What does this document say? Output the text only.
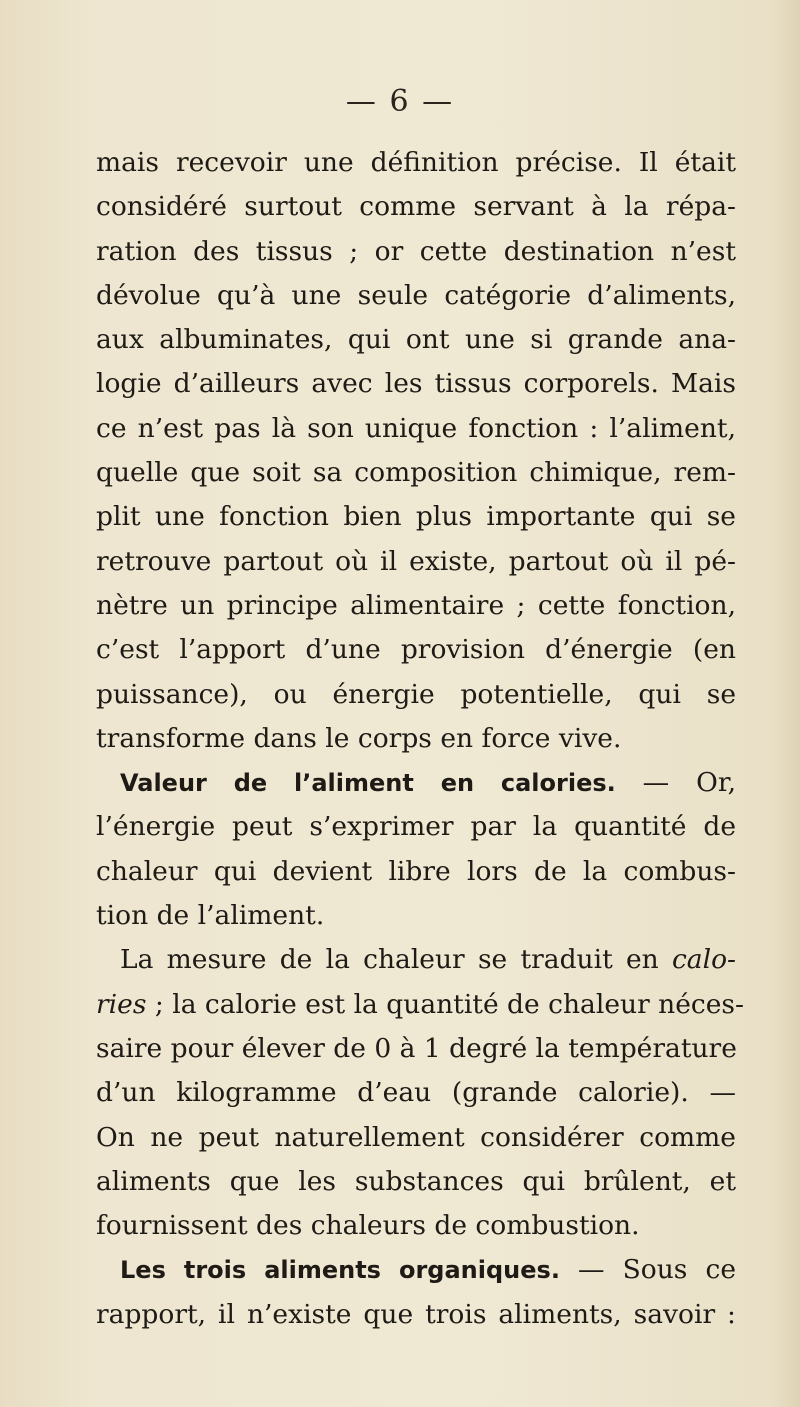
— 6 —
mais recevoir une définition précise. Il était
considéré surtout comme servant à la répa-
ration des tissus ; or cette destination n’est
dévolue qu’à une seule catégorie d’aliments,
aux albuminates, qui ont une si grande ana-
logie d’ailleurs avec les tissus corporels. Mais
ce n’est pas là son unique fonction : l’aliment,
quelle que soit sa composition chimique, rem-
plit une fonction bien plus importante qui se
retrouve partout où il existe, partout où il pé-
nètre un principe alimentaire ; cette fonction,
c’est l’apport d’une provision d’énergie (en
puissance), ou énergie potentielle, qui se
transforme dans le corps en force vive.
Valeur de l’aliment en calories. — Or,
l’énergie peut s’exprimer par la quantité de
chaleur qui devient libre lors de la combus-
tion de l’aliment.
La mesure de la chaleur se traduit en calo-
ries ; la calorie est la quantité de chaleur néces-
saire pour élever de 0 à 1 degré la température
d’un kilogramme d’eau (grande calorie). —
On ne peut naturellement considérer comme
aliments que les substances qui brûlent, et
fournissent des chaleurs de combustion.
Les trois aliments organiques. — Sous ce
rapport, il n’existe que trois aliments, savoir :
